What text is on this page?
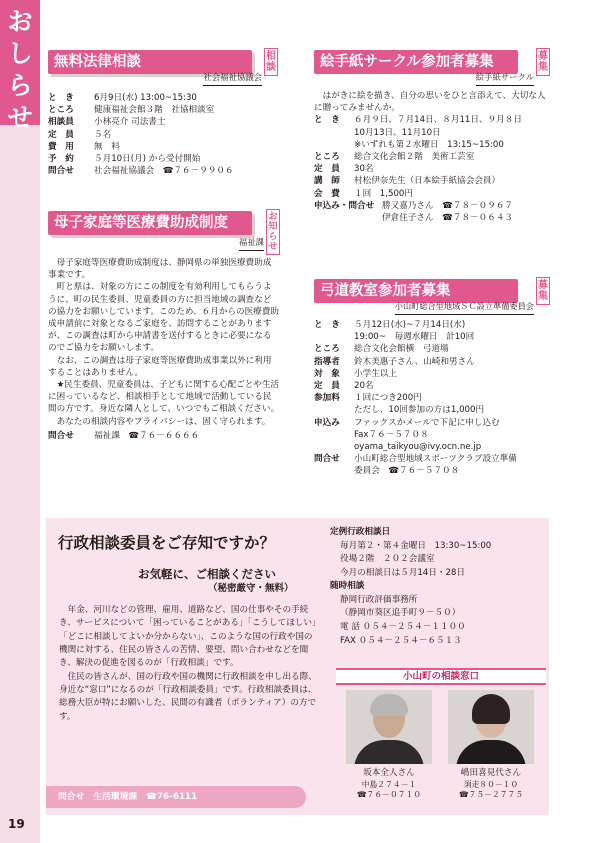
おしらせ
19
無料法律相談
社会福祉協議会
相談
と　き	6月9日(水) 13:00~15:30
ところ	健康福祉会館３階　社協相談室
相談員	小林亮介 司法書士
定　員	５名
費　用	無　料
予　約	５月10日(月) から受付開始
問合せ	社会福祉協議会　☎７６－９９０６
母子家庭等医療費助成制度
福祉課
お知らせ

母子家庭等医療費助成制度は、静岡県の単独医療費助成事業です。

町と県は、対象の方にこの制度を有効利用してもらうように、町の民生委員、児童委員の方に担当地域の調査などの協力をお願いしています。このため、６月からの医療費助成申請前に対象となるご家庭を、訪問することがありますが、この調査は町から申請書を送付するときに必要になるのでご協力をお願いします。

なお、この調査は母子家庭等医療費助成事業以外に利用することはありません。

★民生委員、児童委員は、子どもに関する心配ごとや生活に困っているなど、相談相手として地域で活動している民間の方です。身近な隣人として、いつでもご相談ください。

あなたの相談内容やプライバシーは、固く守られます。

問合せ	福祉課　☎７６－６６６６
絵手紙サークル参加者募集
絵手紙サークル
募集
はがきに絵を描き、自分の思いをひと言添えて、大切な人に贈ってみませんか。
と　き	６月９日、７月14日、８月11日、９月８日
10月13日、11月10日
※いずれも第２水曜日　13:15~15:00
ところ	総合文化会館２階　美術工芸室
定　員	30名
講　師	村松伊奈先生（日本絵手紙協会会員）
会　費	１回　1,500円
申込み・問合せ 勝又嘉乃さん　☎７８－０９６７
伊倉住子さん　☎７８－０６４３
弓道教室参加者募集
小山町総合型地域ＳＣ設立準備委員会
募集
と　き	５月12日(水)~７月14日(水)
19:00~　毎週水曜日　計10回
ところ	総合文化会館横　弓道場
指導者	鈴木美惠子さん、山崎和男さん
対　象	小学生以上
定　員	20名
参加料	１回につき200円
ただし、10回参加の方は1,000円
申込み	ファックスかメールで下記に申し込む
Fax７６－５７０８
oyama_taikyou@ivy.ocn.ne.jp
問合せ	小山町総合型地域スポーツクラブ設立準備
委員会　☎７６－５７０８
行政相談委員をご存知ですか？
お気軽に、ご相談ください
（秘密厳守・無料）

年金、河川などの管理、雇用、道路など、国の仕事やその手続き、サービスについて「困っていることがある」「こうしてほしい」「どこに相談してよいか分からない」、このような国の行政や国の機関に対する、住民の皆さんの苦情、要望、問い合わせなどを聞き、解決の促進を図るのが「行政相談」です。

住民の皆さんが、国の行政や国の機関に行政相談を申し出る際、身近な“窓口”になるのが「行政相談委員」です。行政相談委員は、総務大臣が特にお願いした、民間の有識者（ボランティア）の方です。

問合せ　生活環境課　☎76-6111
定例行政相談日
毎月第２・第４金曜日　13:30~15:00
役場２階　２０２会議室
今月の相談日は５月14日・28日
随時相談
静岡行政評価事務所
（静岡市葵区追手町９－５０）
電 話 ０５４－２５４－１１００
FAX ０５４－２５４－６５１３
小山町の相談窓口
坂本全人さん
中島２７４－１
☎７６－０７１０
嶋田喜見代さん
須走８０－１０
☎７５－２７７５
